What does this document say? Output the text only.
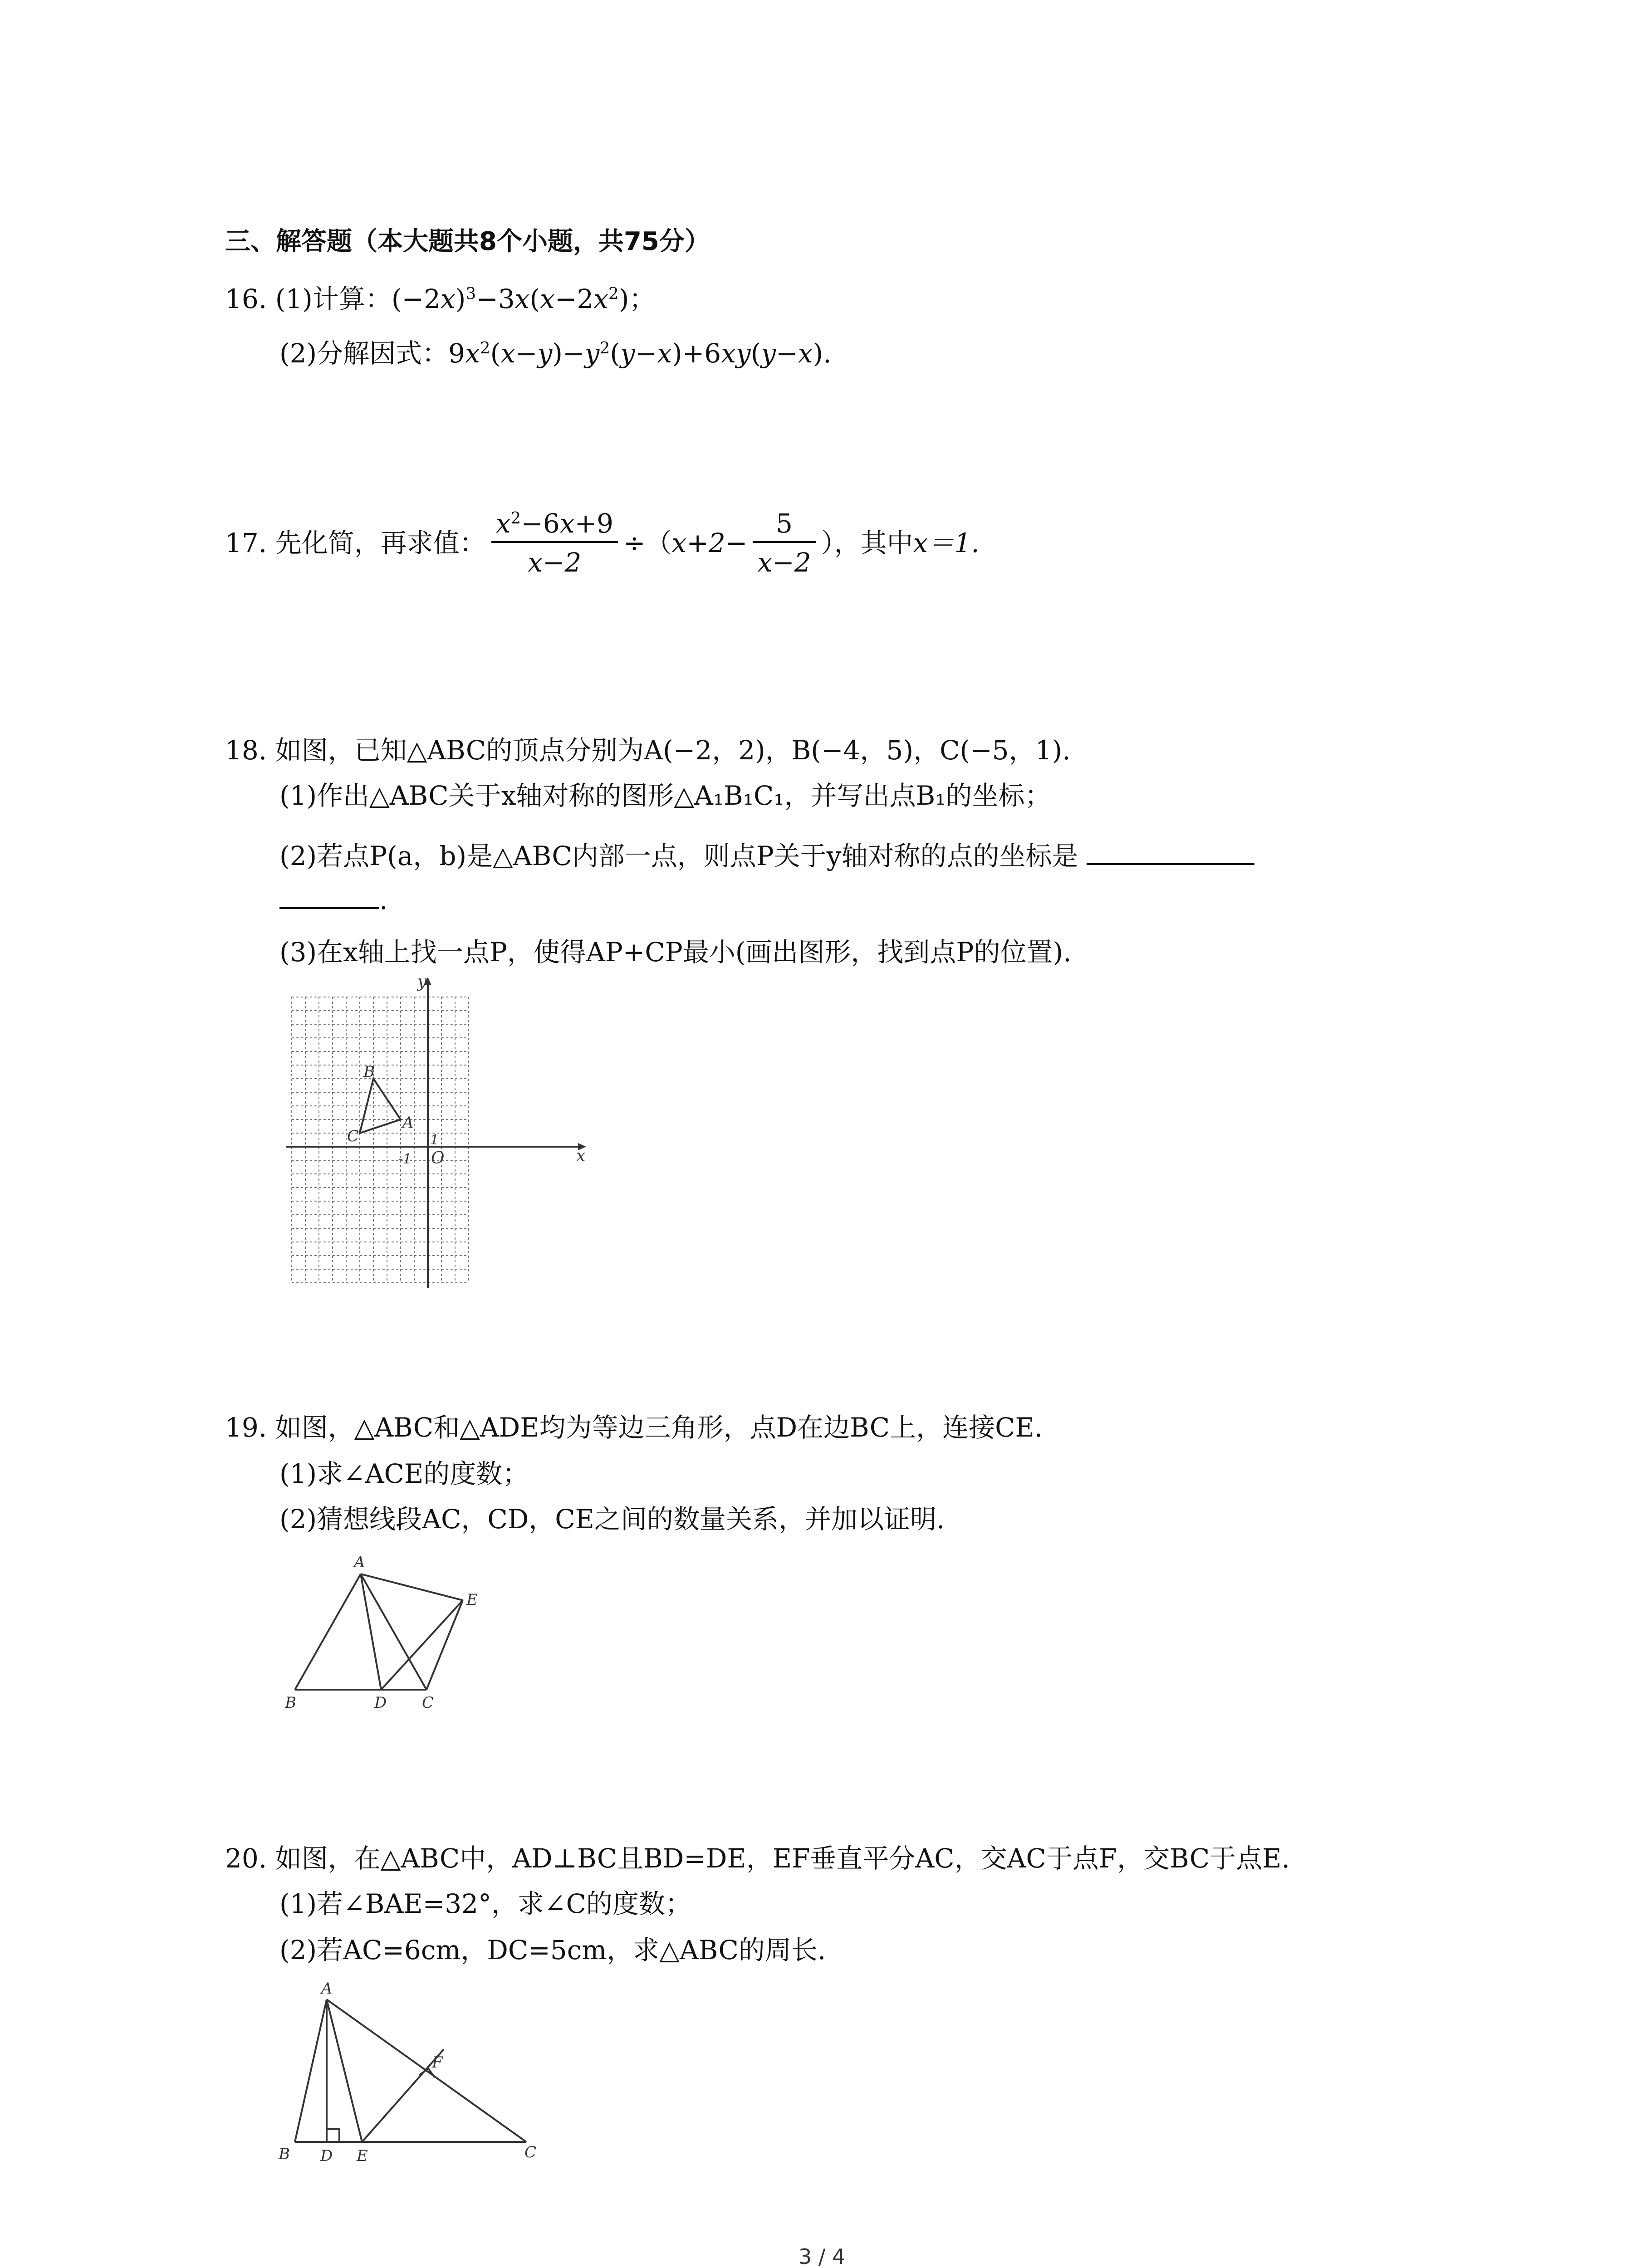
三、解答题（本大题共8个小题，共75分）
16. (1)计算：$(-2x)^3-3x(x-2x^2)$；
(2)分解因式：$9x^2(x-y)-y^2(y-x)+6xy(y-x)$.
17.
先化简，再求值： $\frac{x^2-6x+9}{x-2}$ ÷（ $x+2- \frac{5}{x-2}$ ），其中 x＝1.
18. 如图，已知△ABC的顶点分别为A(−2，2)，B(−4，5)，C(−5，1).
(1)作出△ABC关于x轴对称的图形△A₁B₁C₁，并写出点B₁的坐标；
(2)若点P(a，b)是△ABC内部一点，则点P关于y轴对称的点的坐标是
.
(3)在x轴上找一点P，使得AP+CP最小(画出图形，找到点P的位置).
x
y
O
-1
1
A
B
C
19. 如图，△ABC和△ADE均为等边三角形，点D在边BC上，连接CE.
(1)求∠ACE的度数；
(2)猜想线段AC，CD，CE之间的数量关系，并加以证明.
A
B	D C
E
20. 如图，在△ABC中，AD⊥BC且BD=DE，EF垂直平分AC，交AC于点F，交BC于点E.
(1)若∠BAE=32°，求∠C的度数；
(2)若AC=6cm，DC=5cm，求△ABC的周长.
A
B D E	C
F
3 / 4
